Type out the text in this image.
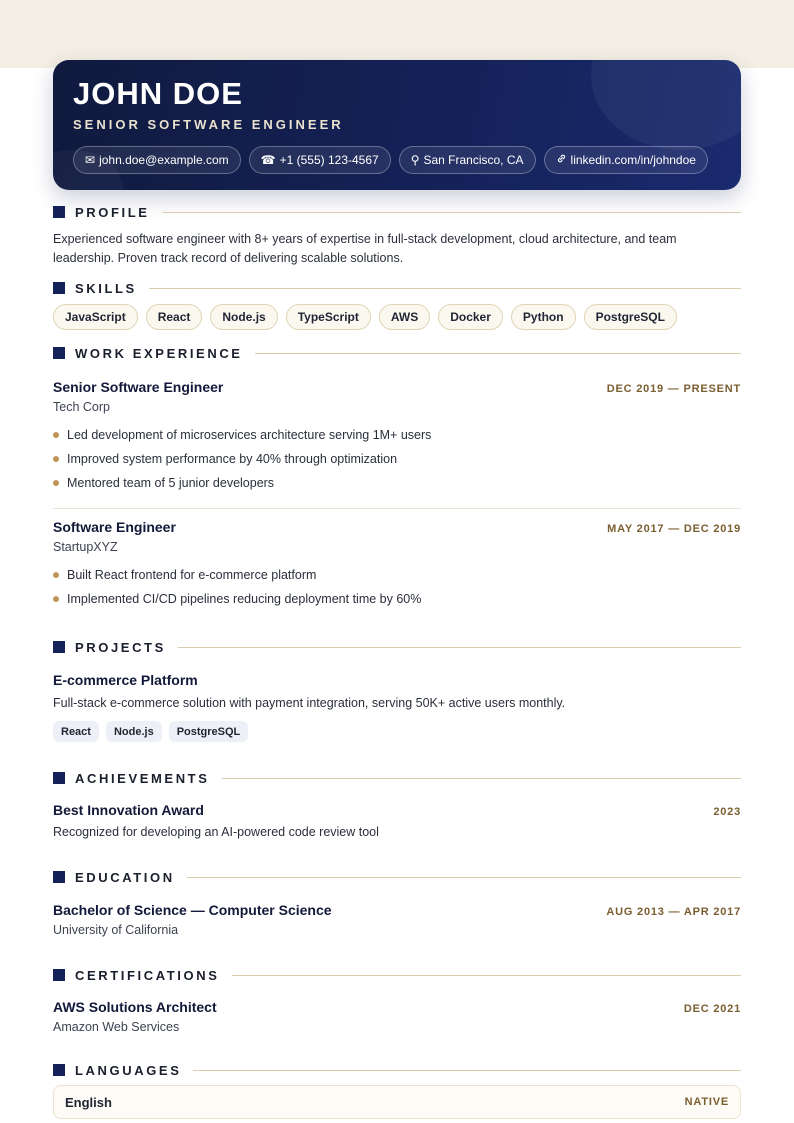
JOHN DOE
SENIOR SOFTWARE ENGINEER
✉ john.doe@example.com	☎ +1 (555) 123-4567	⚲ San Francisco, CA	linkedin.com/in/johndoe
PROFILE
Experienced software engineer with 8+ years of expertise in full-stack development, cloud architecture, and team leadership. Proven track record of delivering scalable solutions.
SKILLS
JavaScript	React	Node.js	TypeScript	AWS	Docker	Python	PostgreSQL
WORK EXPERIENCE
Senior Software Engineer	DEC 2019 — PRESENT
Tech Corp
Led development of microservices architecture serving 1M+ users
Improved system performance by 40% through optimization
Mentored team of 5 junior developers
Software Engineer	MAY 2017 — DEC 2019
StartupXYZ
Built React frontend for e-commerce platform
Implemented CI/CD pipelines reducing deployment time by 60%
PROJECTS
E-commerce Platform
Full-stack e-commerce solution with payment integration, serving 50K+ active users monthly.
React	Node.js	PostgreSQL
ACHIEVEMENTS
Best Innovation Award	2023
Recognized for developing an AI-powered code review tool
EDUCATION
Bachelor of Science — Computer Science	AUG 2013 — APR 2017
University of California
CERTIFICATIONS
AWS Solutions Architect	DEC 2021
Amazon Web Services
LANGUAGES
English	NATIVE
